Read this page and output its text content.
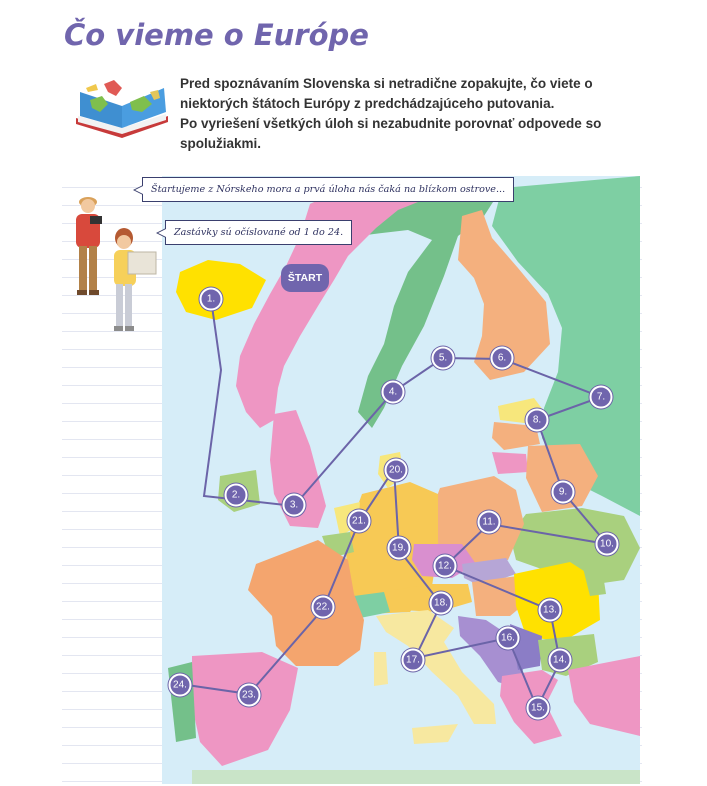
Čo vieme o Európe

Pred spoznávaním Slovenska si netradične zopakujte, čo viete o

niektorých štátoch Európy z predchádzajúceho putovania.

Po vyriešení všetkých úloh si nezabudnite porovnať odpovede so

spolužiakmi.

Štartujeme z Nórskeho mora a prvá úloha nás čaká na blízkom ostrove...
Zastávky sú očíslované od 1 do 24.
ŠTART
1.
2.
3.
4.
5.	6.
7.
8.
9.
10.
11.
12.
13.
14.
15.
16.
17.
18.
19.
20.
21.
22.
23.
24.
